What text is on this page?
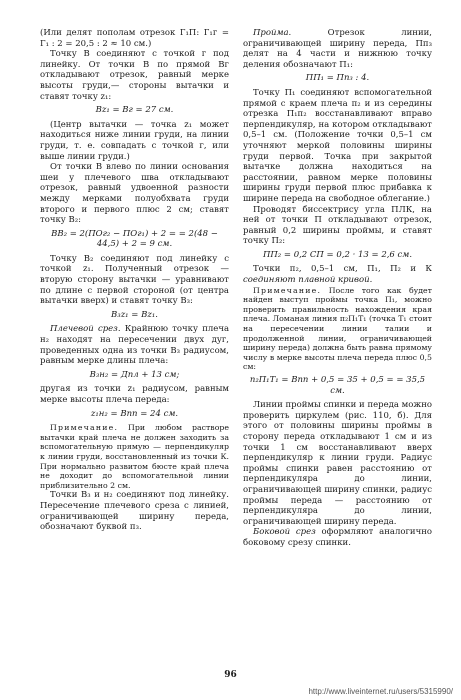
(Или делят пополам отрезок Г₁П: Г₁г = Г₁ : 2 = 20,5 : 2 ≈ 10 см.)

Точку В соединяют с точкой г под линейку. От точки В по прямой Вг откладывают отрезок, равный мерке высоты груди,— стороны вытачки и ставят точку z₁:

Вz₁ = Вг = 27 см.

(Центр вытачки — точка z₁ может находиться ниже линии груди, на линии груди, т. е. совпадать с точкой г, или выше линии груди.)

От точки В влево по линии основания шеи у плечевого шва откладывают отрезок, равный удвоенной разности между мерками полуобхвата груди второго и первого плюс 2 см; ставят точку В₂:

ВВ₂ = 2(ПОг₂ − ПОг₁) + 2 = = 2(48 − 44,5) + 2 = 9 см.

Точку В₂ соединяют под линейку с точкой z₁. Полученный отрезок — вторую сторону вытачки — уравнивают по длине с первой стороной (от центра вытачки вверх) и ставят точку В₃:

В₃z₁ = Вz₁.

Плечевой срез. Крайнюю точку плеча н₂ находят на пересечении двух дуг, проведенных одна из точки В₃ радиусом, равным мерке длины плеча:

В₃н₂ = Дпл + 13 см;

другая из точки z₁ радиусом, равным мерке высоты плеча переда:

z₁н₂ = Впп = 24 см.

Примечание. При любом раствоpe вытачки край плеча не должен заходить за вспомогательную прямую — перпендикуляр к линии груди, восстановленный из точки К. При нормально развитом бюсте край плеча не доходит до вспомогательной линии приблизительно 2 см.

Точки В₃ и н₂ соединяют под линейку. Пересечение плечевого среза с линией, ограничивающей ширину переда, обозначают буквой п₃.

Пройма. Отрезок линии, ограничивающей ширину переда, Пп₃ делят на 4 части и нижнюю точку деления обозначают П₁:

ПП₁ = Пп₃ : 4.

Точку П₁ соединяют вспомогательной прямой с краем плеча п₂ и из середины отрезка П₁п₂ восстанавливают вправо перпендикуляр, на котором откладывают 0,5–1 см. (Положение точки 0,5–1 см уточняют меркой половины ширины груди первой. Точка при закрытой вытачке должна находиться на расстоянии, равном мерке половины ширины груди первой плюс прибавка к ширине переда на свободное облегание.)

Проводят биссектрису угла ПЛК, на ней от точки П откладывают отрезок, равный 0,2 ширины проймы, и ставят точку П₂:

ПП₂ = 0,2 СП = 0,2 · 13 = 2,6 см.

Точки п₂, 0,5–1 см, П₁, П₂ и К соединяют плавной кривой.

Примечание. После того как будет найден выступ проймы точка П₁, можно проверить правильность нахождения края плеча. Ломаная линия п₂П₁Т₁ (точка Т₁ стоит на пересечении линии талии и продолженной линии, ограничивающей ширину переда) должна быть равна прямому числу в мерке высоты плеча переда плюс 0,5 см:

п₂П₁Т₁ = Впп + 0,5 = 35 + 0,5 = = 35,5 см.

Линии проймы спинки и переда можно проверить циркулем (рис. 110, б). Для этого от половины ширины проймы в сторону переда откладывают 1 см и из точки 1 см восстанавливают вверх перпендикуляр к линии груди. Радиус проймы спинки равен расстоянию от перпендикуляра до линии, ограничивающей ширину спинки, радиус проймы переда — расстоянию от перпендикуляра до линии, ограничивающей ширину переда.

Боковой срез оформляют аналогично боковому срезу спинки.

96
http://www.liveinternet.ru/users/5315990/
